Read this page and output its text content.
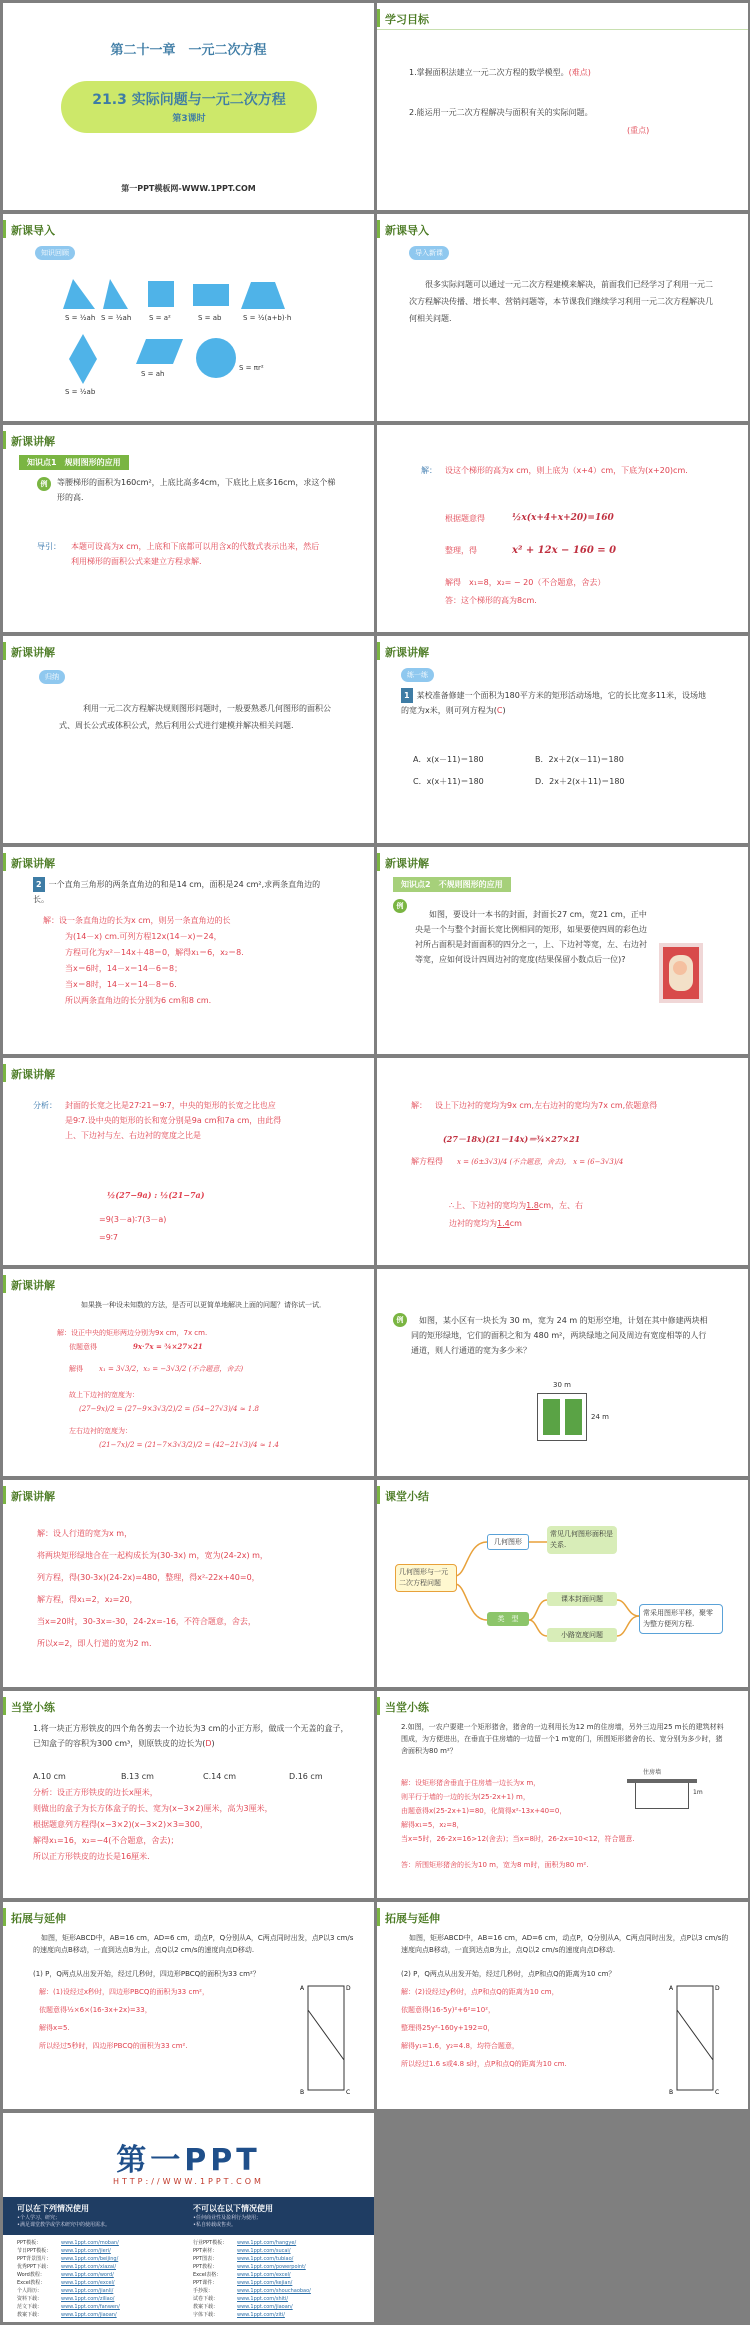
第二十一章　一元二次方程
21.3 实际问题与一元二次方程
第3课时
第一PPT模板网-WWW.1PPT.COM
学习目标
1.掌握面积法建立一元二次方程的数学模型。(难点)
2.能运用一元二次方程解决与面积有关的实际问题。
(重点)
新课导入
知识回顾
S = ½ah S = ½ah	S = a²	S = ab	S = ½(a+b)·h
S = ½ab
S = ah
S = πr²
新课导入
导入新课
很多实际问题可以通过一元二次方程建模来解决，前面我们已经学习了利用一元二次方程解决传播、增长率、营销问题等，本节课我们继续学习利用一元二次方程解决几何相关问题.
新课讲解
知识点1　规则图形的应用
例	等腰梯形的面积为160cm²，上底比高多4cm，下底比上底多16cm，求这个梯形的高.
导引： 本题可设高为x cm，上底和下底都可以用含x的代数式表示出来，然后利用梯形的面积公式来建立方程求解.
解： 设这个梯形的高为x cm，则上底为（x+4）cm，下底为(x+20)cm.
根据题意得	½x(x+4+x+20)=160
整理，得	x² + 12x − 160 = 0
解得　x₁=8，x₂= − 20（不合题意，舍去）
答：这个梯形的高为8cm.
新课讲解
归纳
利用一元二次方程解决规则图形问题时，一般要熟悉几何图形的面积公式、周长公式或体积公式，然后利用公式进行建模并解决相关问题.
新课讲解
练一练
1 某校准备修建一个面积为180平方米的矩形活动场地，它的长比宽多11米，设场地的宽为x米，则可列方程为(C)
A．x(x－11)＝180	B．2x＋2(x－11)＝180
C．x(x＋11)＝180	D．2x＋2(x＋11)＝180
新课讲解
2 一个直角三角形的两条直角边的和是14 cm，面积是24 cm²,求两条直角边的长。
解：设一条直角边的长为x cm，则另一条直角边的长
为(14－x) cm.可列方程12x(14－x)＝24，
方程可化为x²－14x＋48＝0，解得x₁＝6，x₂＝8.
当x＝6时，14－x＝14－6＝8；
当x＝8时，14－x＝14－8＝6.
所以两条直角边的长分别为6 cm和8 cm.
新课讲解
知识点2　不规则图形的应用
例
如图，要设计一本书的封面，封面长27 cm，宽21 cm，正中央是一个与整个封面长宽比例相同的矩形，如果要使四周的彩色边衬所占面积是封面面积的四分之一，上、下边衬等宽，左、右边衬等宽，应如何设计四周边衬的宽度(结果保留小数点后一位)?
新课讲解
分析： 封面的长宽之比是27∶21＝9∶7，中央的矩形的长宽之比也应是9∶7.设中央的矩形的长和宽分别是9a cm和7a cm，由此得上、下边衬与左、右边衬的宽度之比是
½(27−9a) : ½(21−7a)
=9(3－a)∶7(3－a)
=9∶7
解： 设上下边衬的宽均为9x cm,左右边衬的宽均为7x cm,依题意得
(27－18x)(21－14x)＝¾×27×21
解方程得 x = (6±3√3)/4 (不合题意，舍去),　x = (6−3√3)/4
∴上、下边衬的宽均为1.8cm，左、右
边衬的宽均为1.4cm
新课讲解
如果换一种设未知数的方法，是否可以更简单地解决上面的问题？请你试一试．
解：设正中央的矩形两边分别为9x cm，7x cm.
依题意得	9x·7x = ¾×27×21
解得 x₁ = 3√3/2，x₂ = −3√3/2 (不合题意，舍去)
故上下边衬的宽度为：
(27−9x)/2 = (27−9×3√3/2)/2 = (54−27√3)/4 ≈ 1.8
左右边衬的宽度为：
(21−7x)/2 = (21−7×3√3/2)/2 = (42−21√3)/4 ≈ 1.4
例	如图，某小区有一块长为 30 m，宽为 24 m 的矩形空地，计划在其中修建两块相同的矩形绿地，它们的面积之和为 480 m²，两块绿地之间及周边有宽度相等的人行通道，则人行通道的宽为多少米？
30 m
24 m
新课讲解
解：设人行道的宽为x m，
将两块矩形绿地合在一起构成长为(30-3x) m，宽为(24-2x) m，
列方程，得(30-3x)(24-2x)=480，整理，得x²-22x+40=0，
解方程，得x₁=2，x₂=20，
当x=20时，30-3x=-30，24-2x=-16，不符合题意，舍去，
所以x=2，即人行道的宽为2 m.
课堂小结
几何图形与一元二次方程问题
几何图形
常见几何图形面积是关系.
类　型
课本封面问题
小路宽度问题
常采用图形平移，聚零为整方便列方程.
当堂小练
1.将一块正方形铁皮的四个角各剪去一个边长为3 cm的小正方形，做成一个无盖的盒子，已知盒子的容积为300 cm³，则原铁皮的边长为(D)
A.10 cm	B.13 cm	C.14 cm	D.16 cm
分析：设正方形铁皮的边长x厘米，
则做出的盒子为长方体盒子的长、宽为(x−3×2)厘米，高为3厘米，
根据题意列方程得(x−3×2)(x−3×2)×3=300，
解得x₁=16，x₂=−4(不合题意，舍去)；
所以正方形铁皮的边长是16厘米．
当堂小练
2.如图，一农户要建一个矩形猪舍，猪舍的一边利用长为12 m的住房墙，另外三边用25 m长的建筑材料围成，为方便进出，在垂直于住房墙的一边留一个1 m宽的门，所围矩形猪舍的长、宽分别为多少时，猪舍面积为80 m²？
解：设矩形猪舍垂直于住房墙一边长为x m，
则平行于墙的一边的长为(25-2x+1) m，
由题意得x(25-2x+1)=80，化简得x²-13x+40=0，
解得x₁=5，x₂=8，
当x=5时，26-2x=16>12(舍去)；当x=8时，26-2x=10<12，符合题意.
答：所围矩形猪舍的长为10 m，宽为8 m时，面积为80 m².
住房墙
1m
拓展与延伸
如图，矩形ABCD中，AB=16 cm，AD=6 cm，动点P，Q分别从A，C两点同时出发，点P以3 cm/s的速度向点B移动，一直到达点B为止，点Q以2 cm/s的速度向点D移动.
(1) P，Q两点从出发开始，经过几秒时，四边形PBCQ的面积为33 cm²？
解：(1)设经过x秒时，四边形PBCQ的面积为33 cm²，
依题意得½×6×(16-3x+2x)=33，
解得x=5.
所以经过5秒时，四边形PBCQ的面积为33 cm².
A	D
B	C
拓展与延伸
如图，矩形ABCD中，AB=16 cm，AD=6 cm，动点P，Q分别从A，C两点同时出发，点P以3 cm/s的速度向点B移动，一直到达点B为止，点Q以2 cm/s的速度向点D移动.
(2) P，Q两点从出发开始，经过几秒时，点P和点Q的距离为10 cm？
解：(2)设经过y秒时，点P和点Q的距离为10 cm，
依题意得(16-5y)²+6²=10²，
整理得25y²-160y+192=0，
解得y₁=1.6，y₂=4.8，均符合题意，
所以经过1.6 s或4.8 s时，点P和点Q的距离为10 cm.
A	D
B	C
第一PPT
HTTP://WWW.1PPT.COM
可以在下列情况使用
•个人学习、研究；
•满足课堂教学或学术研究中的使用需求。
不可以在以下情况使用
•任何商业性及盈利行为使用；
•私自转载或售卖。
PPT模板：	www.1ppt.com/moban/
节日PPT模板： www.1ppt.com/jieri/
PPT背景图片： www.1ppt.com/beijing/
优秀PPT下载： www.1ppt.com/xiazai/
Word教程：	www.1ppt.com/word/
Excel教程：	www.1ppt.com/excel/
个人简历：	www.1ppt.com/jianli/
资料下载：	www.1ppt.com/ziliao/
范文下载：	www.1ppt.com/fanwen/
教案下载：	www.1ppt.com/jiaoan/
行业PPT模板： www.1ppt.com/hangye/
PPT素材：	www.1ppt.com/sucai/
PPT图表：	www.1ppt.com/tubiao/
PPT教程：	www.1ppt.com/powerpoint/
Excel表格：	www.1ppt.com/excel/
PPT课件：	www.1ppt.com/kejian/
手抄报：	www.1ppt.com/shouchaobao/
试卷下载：	www.1ppt.com/shiti/
教案下载：	www.1ppt.com/jiaoan/
字体下载：	www.1ppt.com/ziti/
